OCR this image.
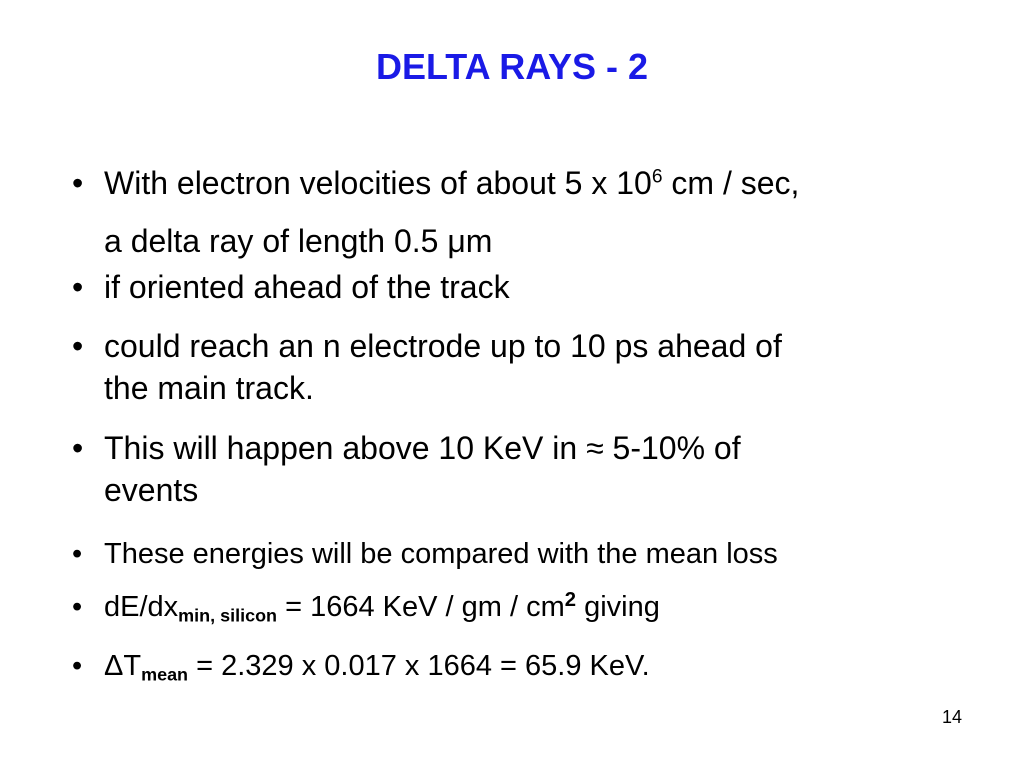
DELTA RAYS - 2
• With electron velocities of about 5 x $10^6$ cm / sec,
a delta ray of length 0.5 μm
• if oriented ahead of the track
• could reach an n electrode up to 10 ps ahead of
the main track.
• This will happen above 10 KeV in ≈ 5-10% of
events
• These energies will be compared with the mean loss
• dE/dxmin, silicon = 1664 KeV / gm / $cm^2$ giving
• ΔTmean = 2.329 x 0.017 x 1664 = 65.9 KeV.
14
